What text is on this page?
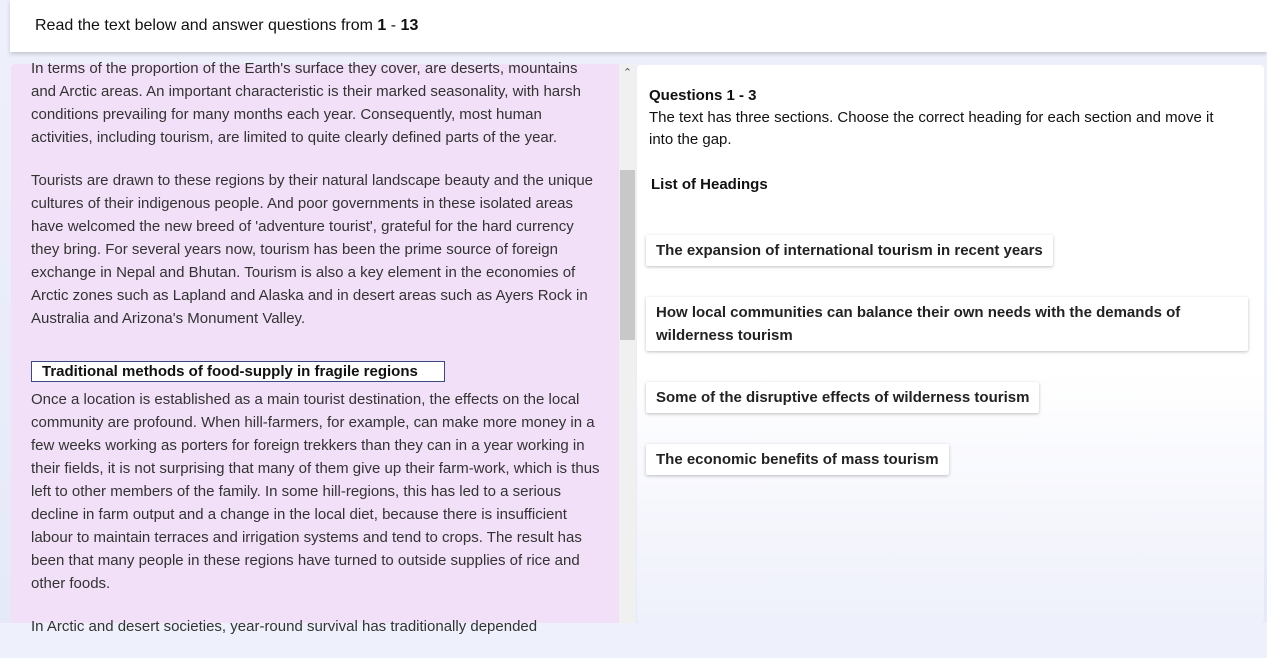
Read the text below and answer questions from 1 - 13

In terms of the proportion of the Earth's surface they cover, are deserts, mountains and Arctic areas. An important characteristic is their marked seasonality, with harsh conditions prevailing for many months each year. Consequently, most human activities, including tourism, are limited to quite clearly defined parts of the year.

Tourists are drawn to these regions by their natural landscape beauty and the unique cultures of their indigenous people. And poor governments in these isolated areas have welcomed the new breed of 'adventure tourist', grateful for the hard currency they bring. For several years now, tourism has been the prime source of foreign exchange in Nepal and Bhutan. Tourism is also a key element in the economies of Arctic zones such as Lapland and Alaska and in desert areas such as Ayers Rock in Australia and Arizona's Monument Valley.

Traditional methods of food-supply in fragile regions

Once a location is established as a main tourist destination, the effects on the local community are profound. When hill-farmers, for example, can make more money in a few weeks working as porters for foreign trekkers than they can in a year working in their fields, it is not surprising that many of them give up their farm-work, which is thus left to other members of the family. In some hill-regions, this has led to a serious decline in farm output and a change in the local diet, because there is insufficient labour to maintain terraces and irrigation systems and tend to crops. The result has been that many people in these regions have turned to outside supplies of rice and other foods.

In Arctic and desert societies, year-round survival has traditionally depended

⌃
Questions 1 - 3
The text has three sections. Choose the correct heading for each section and move it into the gap.
List of Headings
The expansion of international tourism in recent years
How local communities can balance their own needs with the demands of wilderness tourism
Some of the disruptive effects of wilderness tourism
The economic benefits of mass tourism
